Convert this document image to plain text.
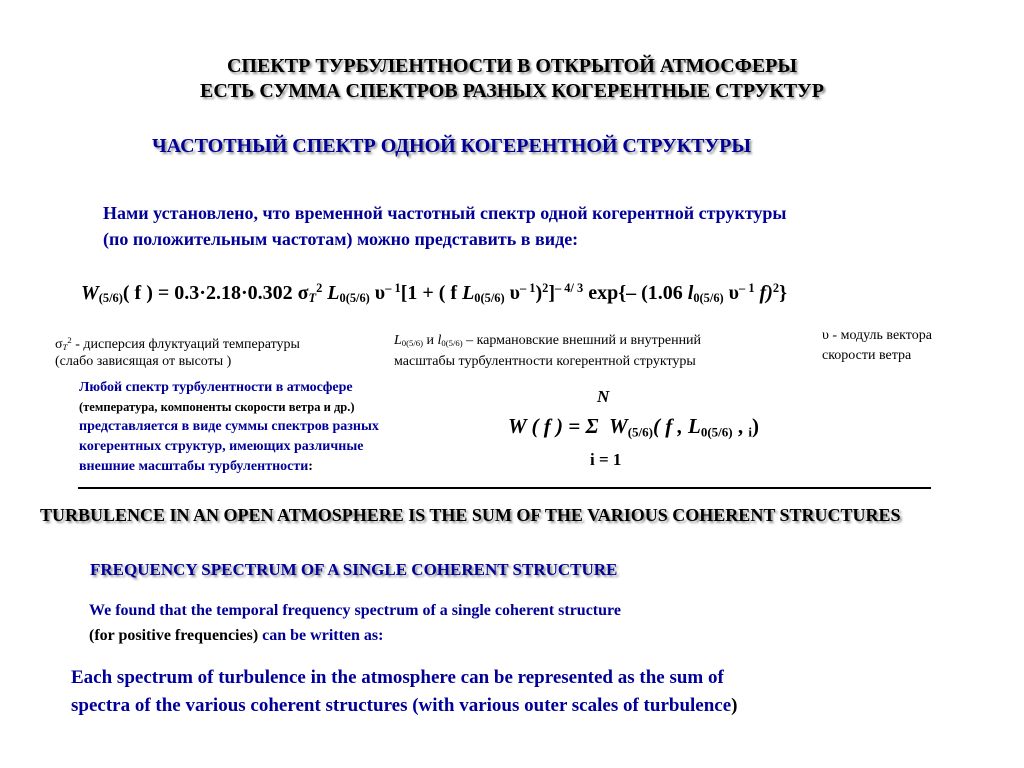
СПЕКТР ТУРБУЛЕНТНОСТИ В ОТКРЫТОЙ АТМОСФЕРЫ
ЕСТЬ СУММА СПЕКТРОВ РАЗНЫХ КОГЕРЕНТНЫЕ СТРУКТУР
ЧАСТОТНЫЙ СПЕКТР ОДНОЙ КОГЕРЕНТНОЙ СТРУКТУРЫ
Нами установлено, что временной частотный спектр одной когерентной структуры
(по положительным частотам) можно представить в виде:
$W_{(5/6)}$( f ) = 0.3·2.18·0.302 $\sigma_T^2$ $L_{0(5/6)}$ $\upsilon^{- 1}[1$ + ( f $L_{0(5/6)}$ $\upsilon^{- 1})^2]^{- 4/ 3}$ exp{– (1.06 $l_{0(5/6)}$ $\upsilon^{- 1}$ f)$^2$}
$\sigma_T^2$ - дисперсия флуктуаций температуры
(слабо зависящая от высоты )
$L_{0(5/6)}$ и $l_{0(5/6)}$ – кармановские внешний и внутренний
масштабы турбулентности когерентной структуры
υ - модуль вектора
скорости ветра
Любой спектр турбулентности в атмосфере
(температура, компоненты скорости ветра и др.)
представляется в виде суммы спектров разных
когерентных структур, имеющих различные
внешние масштабы турбулентности:
N
W ( f ) = Σ $W_{(5/6)}$( f , $L_{0(5/6)}$ , $_i$)
i = 1
TURBULENCE IN AN OPEN ATMOSPHERE IS THE SUM OF THE VARIOUS COHERENT STRUCTURES
FREQUENCY SPECTRUM OF A SINGLE COHERENT STRUCTURE
We found that the temporal frequency spectrum of a single coherent structure
(for positive frequencies) can be written as:
Each spectrum of turbulence in the atmosphere can be represented as the sum of
spectra of the various coherent structures (with various outer scales of turbulence)
